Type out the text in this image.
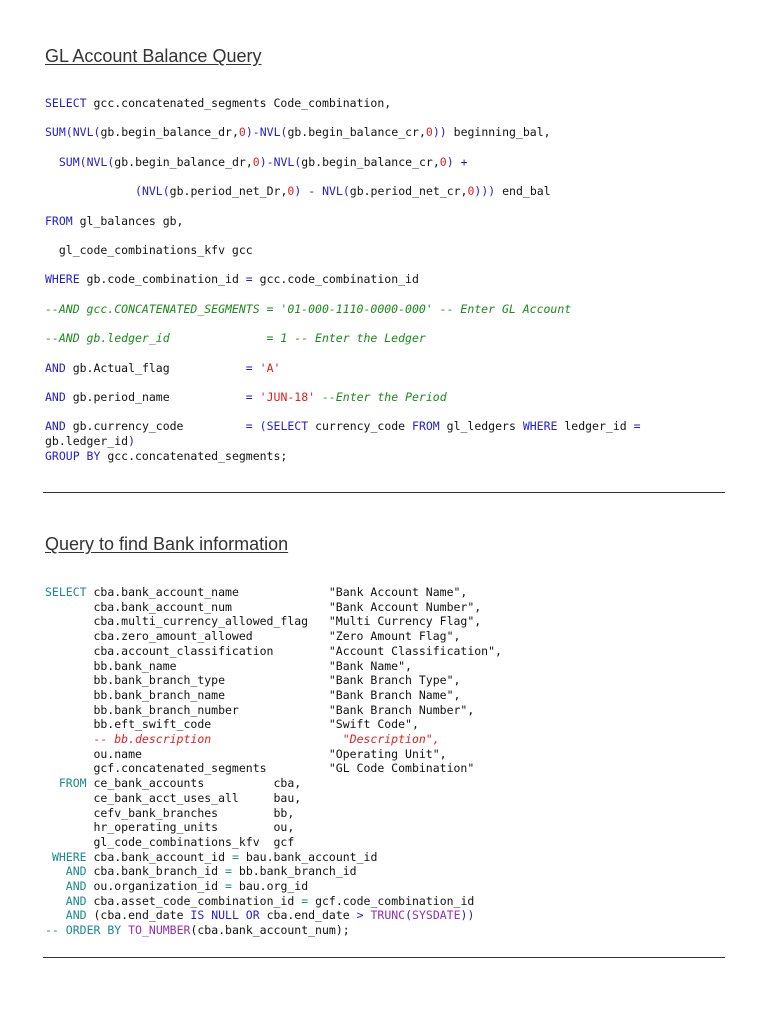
GL Account Balance Query
SELECT gcc.concatenated_segments Code_combination,

SUM(NVL(gb.begin_balance_dr,0)-NVL(gb.begin_balance_cr,0)) beginning_bal,

SUM(NVL(gb.begin_balance_dr,0)-NVL(gb.begin_balance_cr,0) +

(NVL(gb.period_net_Dr,0) - NVL(gb.period_net_cr,0))) end_bal

FROM gl_balances gb,

gl_code_combinations_kfv gcc

WHERE gb.code_combination_id = gcc.code_combination_id

--AND gcc.CONCATENATED_SEGMENTS = '01-000-1110-0000-000' -- Enter GL Account

--AND gb.ledger_id              = 1 -- Enter the Ledger

AND gb.Actual_flag           = 'A'

AND gb.period_name           = 'JUN-18' --Enter the Period

AND gb.currency_code         = (SELECT currency_code FROM gl_ledgers WHERE ledger_id =
gb.ledger_id)
GROUP BY gcc.concatenated_segments;

Query to find Bank information
SELECT cba.bank_account_name             "Bank Account Name",
cba.bank_account_num              "Bank Account Number",
cba.multi_currency_allowed_flag   "Multi Currency Flag",
cba.zero_amount_allowed           "Zero Amount Flag",
cba.account_classification        "Account Classification",
bb.bank_name                      "Bank Name",
bb.bank_branch_type               "Bank Branch Type",
bb.bank_branch_name               "Bank Branch Name",
bb.bank_branch_number             "Bank Branch Number",
bb.eft_swift_code                 "Swift Code",
-- bb.description                   "Description",
ou.name                           "Operating Unit",
gcf.concatenated_segments         "GL Code Combination"
FROM ce_bank_accounts          cba,
ce_bank_acct_uses_all     bau,
cefv_bank_branches        bb,
hr_operating_units        ou,
gl_code_combinations_kfv  gcf
WHERE cba.bank_account_id = bau.bank_account_id
AND cba.bank_branch_id = bb.bank_branch_id
AND ou.organization_id = bau.org_id
AND cba.asset_code_combination_id = gcf.code_combination_id
AND (cba.end_date IS NULL OR cba.end_date > TRUNC(SYSDATE))
-- ORDER BY TO_NUMBER(cba.bank_account_num);
